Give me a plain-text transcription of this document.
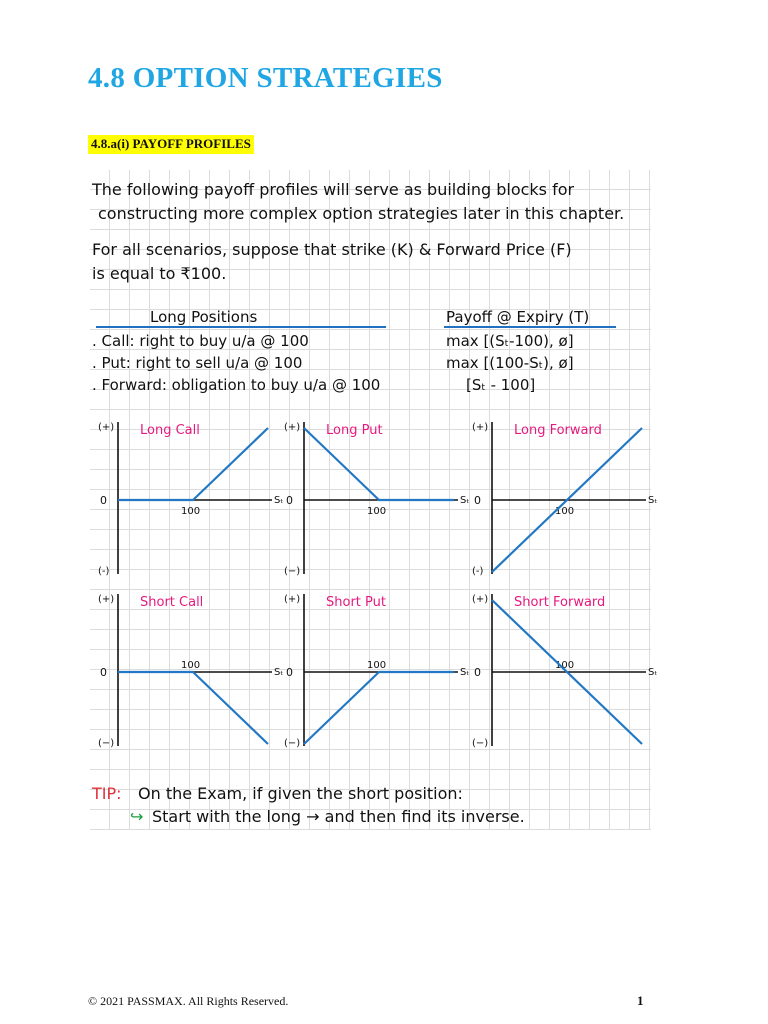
4.8 OPTION STRATEGIES
4.8.a(i) PAYOFF PROFILES
The following payoff profiles will serve as building blocks for
constructing more complex option strategies later in this chapter.
For all scenarios, suppose that strike (K) & Forward Price (F)
is equal to ₹100.
Long Positions	Payoff @ Expiry (T)
. Call: right to buy u/a @ 100	max [(Sₜ-100), ø]
. Put: right to sell u/a @ 100	max [(100-Sₜ), ø]
. Forward: obligation to buy u/a @ 100	[Sₜ - 100]
TIP: On the Exam, if given the short position:
↪ Start with the long → and then find its inverse.
(+)
0
(-)
Sₜ
100
Long Call	(+)
0
(−)
Sₜ
100
Long Put	(+)
0
(-)
Sₜ
100
Long Forward
(+)
0
(−)
Sₜ
100
Short Call	(+)
0
(−)
Sₜ
100
Short Put	(+)
0
(−)
Sₜ
100
Short Forward
© 2021 PASSMAX. All Rights Reserved.	1
